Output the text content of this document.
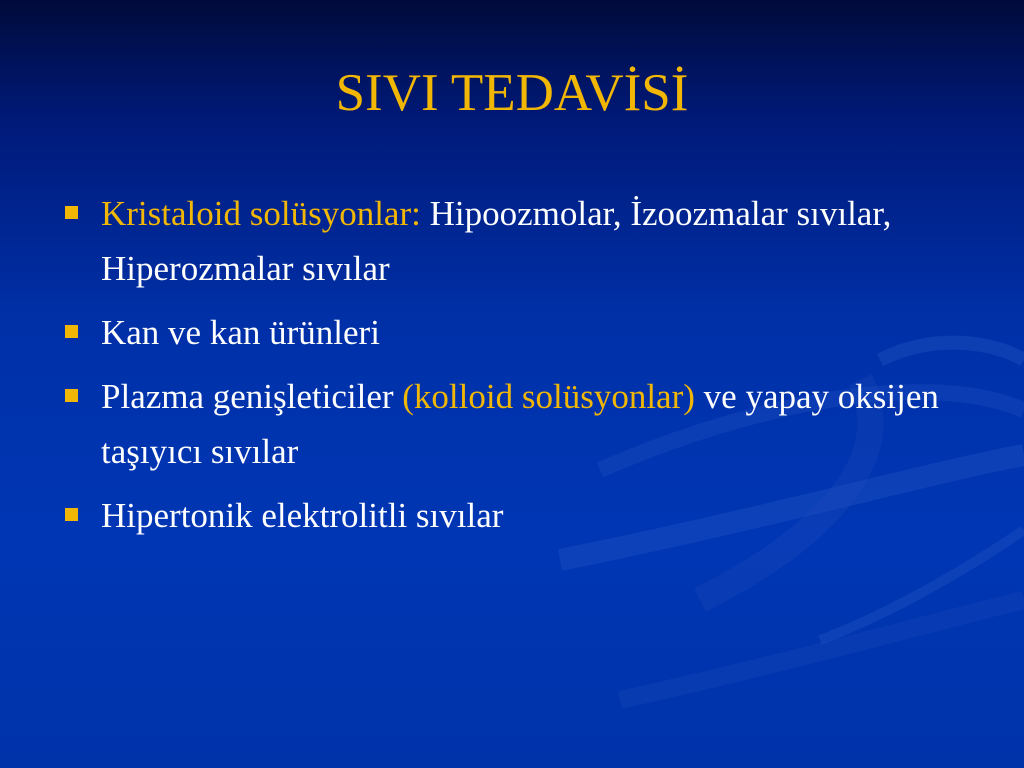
SIVI TEDAVİSİ
Kristaloid solüsyonlar: Hipoozmolar, İzoozmalar sıvılar, Hiperozmalar sıvılar
Kan ve kan ürünleri
Plazma genişleticiler (kolloid solüsyonlar) ve yapay oksijen taşıyıcı sıvılar
Hipertonik elektrolitli sıvılar
